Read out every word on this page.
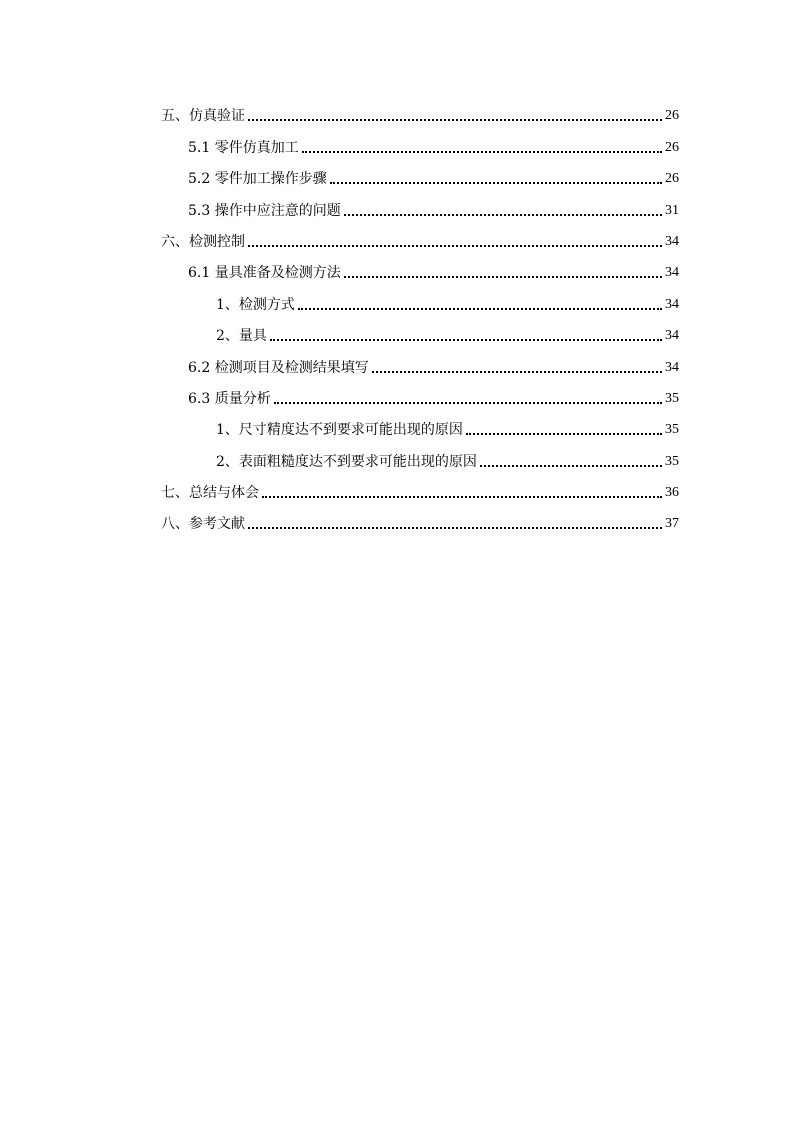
五、仿真验证	26
5.1 零件仿真加工	26
5.2 零件加工操作步骤	26
5.3 操作中应注意的问题	31
六、检测控制	34
6.1 量具准备及检测方法	34
1、检测方式	34
2、量具	34
6.2 检测项目及检测结果填写	34
6.3 质量分析	35
1、尺寸精度达不到要求可能出现的原因	35
2、表面粗糙度达不到要求可能出现的原因	35
七、总结与体会	36
八、参考文献	37
